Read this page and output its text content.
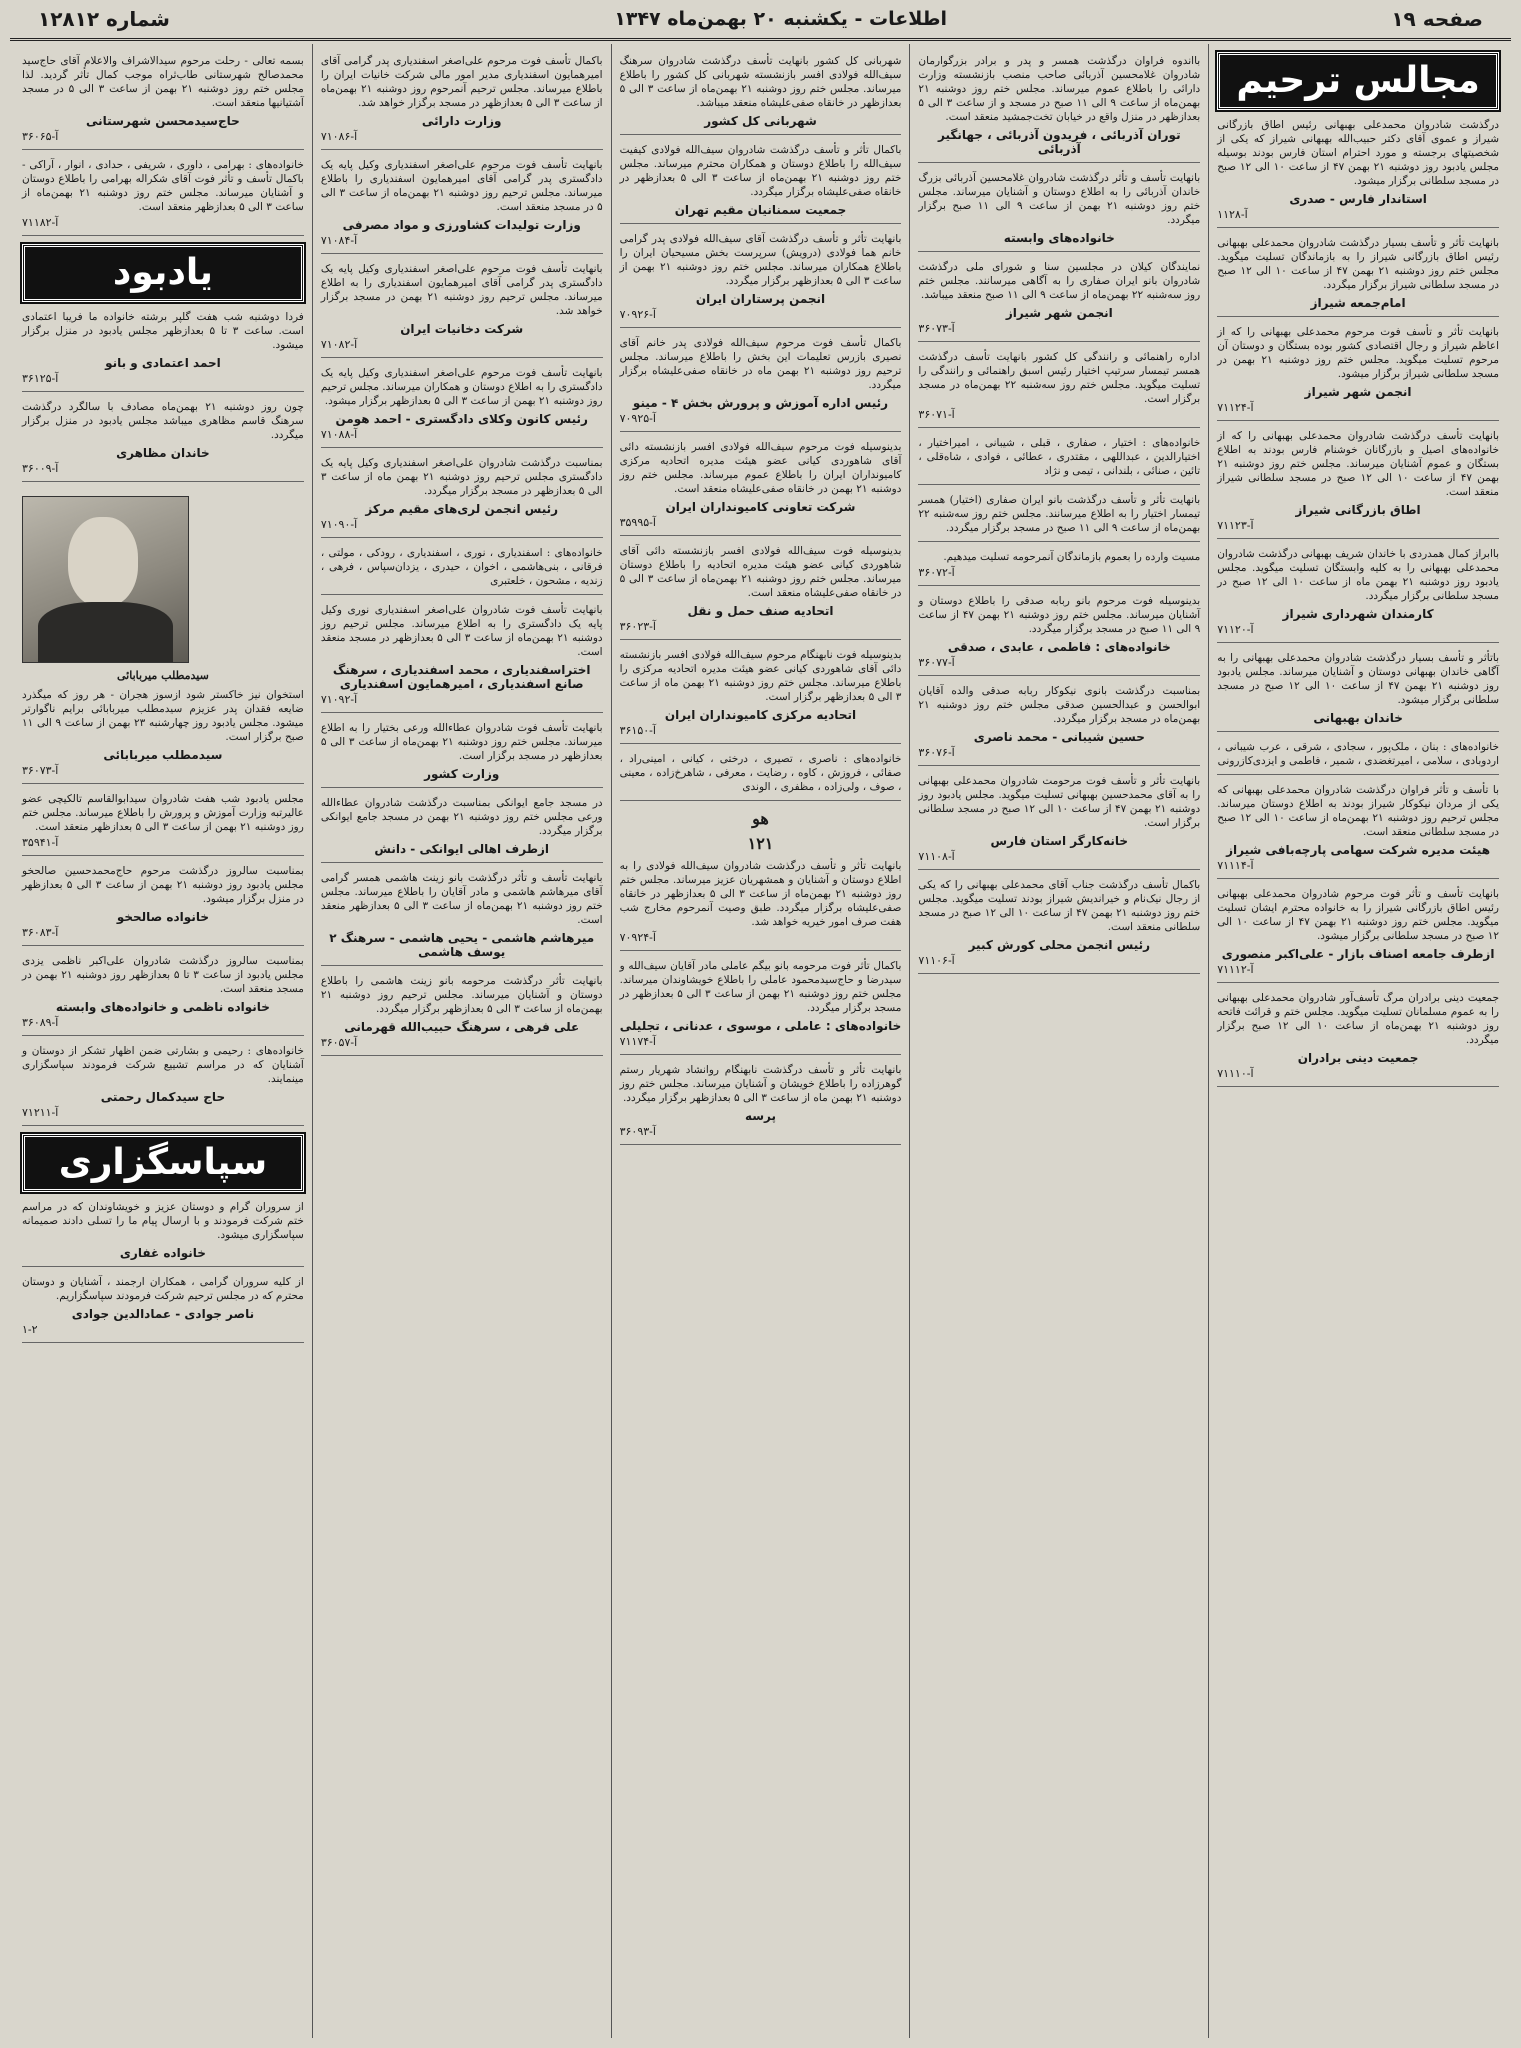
صفحه ۱۹
اطلاعات - یکشنبه ۲۰ بهمن‌ماه ۱۳۴۷
شماره ۱۲۸۱۲
مجالس ترحیم
درگذشت شادروان محمدعلی بهبهانی رئیس اطاق بازرگانی شیراز و عموی آقای دکتر حبیب‌الله بهبهانی شیراز که یکی از شخصیتهای برجسته و مورد احترام استان فارس بودند بوسیله مجلس یادبود روز دوشنبه ۲۱ بهمن ۴۷ از ساعت ۱۰ الی ۱۲ صبح در مسجد سلطانی برگزار میشود.
استاندار فارس - صدری
۱۱۲۸-آ
بانهایت تأثر و تأسف بسیار درگذشت شادروان محمدعلی بهبهانی رئیس اطاق بازرگانی شیراز را به بازماندگان تسلیت میگوید. مجلس ختم روز دوشنبه ۲۱ بهمن ۴۷ از ساعت ۱۰ الی ۱۲ صبح در مسجد سلطانی شیراز برگزار میگردد.
امام‌جمعه شیراز
بانهایت تأثر و تأسف فوت مرحوم محمدعلی بهبهانی را که از اعاظم شیراز و رجال اقتصادی کشور بوده بستگان و دوستان آن مرحوم تسلیت میگوید. مجلس ختم روز دوشنبه ۲۱ بهمن در مسجد سلطانی شیراز برگزار میشود.
انجمن شهر شیراز
۷۱۱۲۴-آ
بانهایت تأسف درگذشت شادروان محمدعلی بهبهانی را که از خانواده‌های اصیل و بازرگانان خوشنام فارس بودند به اطلاع بستگان و عموم آشنایان میرساند. مجلس ختم روز دوشنبه ۲۱ بهمن ۴۷ از ساعت ۱۰ الی ۱۲ صبح در مسجد سلطانی شیراز منعقد است.
اطاق بازرگانی شیراز
۷۱۱۲۳-آ
باابراز کمال همدردی با خاندان شریف بهبهانی درگذشت شادروان محمدعلی بهبهانی را به کلیه وابستگان تسلیت میگوید. مجلس یادبود روز دوشنبه ۲۱ بهمن ماه از ساعت ۱۰ الی ۱۲ صبح در مسجد سلطانی برگزار میگردد.
کارمندان شهرداری شیراز
۷۱۱۲۰-آ
باتأثر و تأسف بسیار درگذشت شادروان محمدعلی بهبهانی را به آگاهی خاندان بهبهانی دوستان و آشنایان میرساند. مجلس یادبود روز دوشنبه ۲۱ بهمن ۴۷ از ساعت ۱۰ الی ۱۲ صبح در مسجد سلطانی برگزار میشود.
خاندان بهبهانی
خانواده‌های : بنان ، ملک‌پور ، سجادی ، شرقی ، عرب شیبانی ، اردوبادی ، سلامی ، امیرتغضدی ، شمیر ، فاطمی و ایزدی‌کازرونی
با تأسف و تأثر فراوان درگذشت شادروان محمدعلی بهبهانی که یکی از مردان نیکوکار شیراز بودند به اطلاع دوستان میرساند. مجلس ترحیم روز دوشنبه ۲۱ بهمن‌ماه از ساعت ۱۰ الی ۱۲ صبح در مسجد سلطانی منعقد است.
هیئت مدیره شرکت سهامی پارچه‌بافی شیراز
۷۱۱۱۴-آ
بانهایت تأسف و تأثر فوت مرحوم شادروان محمدعلی بهبهانی رئیس اطاق بازرگانی شیراز را به خانواده محترم ایشان تسلیت میگوید. مجلس ختم روز دوشنبه ۲۱ بهمن ۴۷ از ساعت ۱۰ الی ۱۲ صبح در مسجد سلطانی برگزار میشود.
ازطرف جامعه اصناف بازار - علی‌اکبر منصوری
۷۱۱۱۲-آ
جمعیت دینی برادران مرگ تأسف‌آور شادروان محمدعلی بهبهانی را به عموم مسلمانان تسلیت میگوید. مجلس ختم و قرائت فاتحه روز دوشنبه ۲۱ بهمن‌ماه از ساعت ۱۰ الی ۱۲ صبح برگزار میگردد.
جمعیت دینی برادران
۷۱۱۱۰-آ
بااندوه فراوان درگذشت همسر و پدر و برادر بزرگوارمان شادروان غلامحسین آذربائی صاحب منصب بازنشسته وزارت دارائی را باطلاع عموم میرساند. مجلس ختم روز دوشنبه ۲۱ بهمن‌ماه از ساعت ۹ الی ۱۱ صبح در مسجد و از ساعت ۳ الی ۵ بعدازظهر در منزل واقع در خیابان تخت‌جمشید منعقد است.
توران آذربائی ، فریدون آذربائی ، جهانگیر آذربائی
بانهایت تأسف و تأثر درگذشت شادروان غلامحسین آذربائی بزرگ خاندان آذربائی را به اطلاع دوستان و آشنایان میرساند. مجلس ختم روز دوشنبه ۲۱ بهمن از ساعت ۹ الی ۱۱ صبح برگزار میگردد.
خانواده‌های وابسته
نمایندگان کیلان در مجلسین سنا و شورای ملی درگذشت شادروان بانو ایران صفاری را به آگاهی میرسانند. مجلس ختم روز سه‌شنبه ۲۲ بهمن‌ماه از ساعت ۹ الی ۱۱ صبح منعقد میباشد.
انجمن شهر شیراز
۳۶۰۷۳-آ
اداره راهنمائی و رانندگی کل کشور بانهایت تأسف درگذشت همسر تیمسار سرتیپ اختیار رئیس اسبق راهنمائی و رانندگی را تسلیت میگوید. مجلس ختم روز سه‌شنبه ۲۲ بهمن‌ماه در مسجد برگزار است.
۳۶۰۷۱-آ
خانواده‌های : اختیار ، صفاری ، قبلی ، شیبانی ، امیراختیار ، اختیارالدین ، عبداللهی ، مقتدری ، عطائی ، فوادی ، شاه‌قلی ، تائین ، صنائی ، بلندانی ، تیمی و نژاد
بانهایت تأثر و تأسف درگذشت بانو ایران صفاری (اختیار) همسر تیمسار اختیار را به اطلاع میرسانند. مجلس ختم روز سه‌شنبه ۲۲ بهمن‌ماه از ساعت ۹ الی ۱۱ صبح در مسجد برگزار میگردد.
مسیت وارده را بعموم بازماندگان آنمرحومه تسلیت میدهیم.
۳۶۰۷۲-آ
بدینوسیله فوت مرحوم بانو ربابه صدقی را باطلاع دوستان و آشنایان میرساند. مجلس ختم روز دوشنبه ۲۱ بهمن ۴۷ از ساعت ۹ الی ۱۱ صبح در مسجد برگزار میگردد.
خانواده‌های : فاطمی ، عابدی ، صدقی
۳۶۰۷۷-آ
بمناسبت درگذشت بانوی نیکوکار ربابه صدقی والده آقایان ابوالحسن و عبدالحسین صدقی مجلس ختم روز دوشنبه ۲۱ بهمن‌ماه در مسجد برگزار میگردد.
حسین شیبانی - محمد ناصری
۳۶۰۷۶-آ
بانهایت تأثر و تأسف فوت مرحومت شادروان محمدعلی بهبهانی را به آقای محمدحسین بهبهانی تسلیت میگوید. مجلس یادبود روز دوشنبه ۲۱ بهمن ۴۷ از ساعت ۱۰ الی ۱۲ صبح در مسجد سلطانی برگزار است.
خانه‌کارگر استان فارس
۷۱۱۰۸-آ
باکمال تأسف درگذشت جناب آقای محمدعلی بهبهانی را که یکی از رجال نیک‌نام و خیراندیش شیراز بودند تسلیت میگوید. مجلس ختم روز دوشنبه ۲۱ بهمن ۴۷ از ساعت ۱۰ الی ۱۲ صبح در مسجد سلطانی منعقد است.
رئیس انجمن محلی کورش کبیر
۷۱۱۰۶-آ
شهربانی کل کشور بانهایت تأسف درگذشت شادروان سرهنگ سیف‌الله فولادی افسر بازنشسته شهربانی کل کشور را باطلاع میرساند. مجلس ختم روز دوشنبه ۲۱ بهمن‌ماه از ساعت ۳ الی ۵ بعدازظهر در خانقاه صفی‌علیشاه منعقد میباشد.
شهربانی کل کشور
باکمال تأثر و تأسف درگذشت شادروان سیف‌الله فولادی کیفیت سیف‌الله را باطلاع دوستان و همکاران محترم میرساند. مجلس ختم روز دوشنبه ۲۱ بهمن‌ماه از ساعت ۳ الی ۵ بعدازظهر در خانقاه صفی‌علیشاه برگزار میگردد.
جمعیت سمنانیان مقیم تهران
بانهایت تأثر و تأسف درگذشت آقای سیف‌الله فولادی پدر گرامی خانم هما فولادی (درویش) سرپرست بخش مسیحیان ایران را باطلاع همکاران میرساند. مجلس ختم روز دوشنبه ۲۱ بهمن از ساعت ۳ الی ۵ بعدازظهر برگزار میگردد.
انجمن پرستاران ایران
۷۰۹۲۶-آ
باکمال تأسف فوت مرحوم سیف‌الله فولادی پدر خانم آقای نصیری بازرس تعلیمات این بخش را باطلاع میرساند. مجلس ترحیم روز دوشنبه ۲۱ بهمن ماه در خانقاه صفی‌علیشاه برگزار میگردد.
رئیس اداره آموزش و پرورش بخش ۴ - مینو
۷۰۹۲۵-آ
بدینوسیله فوت مرحوم سیف‌الله فولادی افسر بازنشسته دائی آقای شاهوردی کیانی عضو هیئت مدیره اتحادیه مرکزی کامیونداران ایران را باطلاع عموم میرساند. مجلس ختم روز دوشنبه ۲۱ بهمن در خانقاه صفی‌علیشاه منعقد است.
شرکت تعاونی کامیونداران ایران
۳۵۹۹۵-آ
بدینوسیله فوت سیف‌الله فولادی افسر بازنشسته دائی آقای شاهوردی کیانی عضو هیئت مدیره اتحادیه را باطلاع دوستان میرساند. مجلس ختم روز دوشنبه ۲۱ بهمن‌ماه از ساعت ۳ الی ۵ در خانقاه صفی‌علیشاه منعقد است.
اتحادیه صنف حمل و نقل
۳۶۰۲۳-آ
بدینوسیله فوت نابهنگام مرحوم سیف‌الله فولادی افسر بازنشسته دائی آقای شاهوردی کیانی عضو هیئت مدیره اتحادیه مرکزی را باطلاع میرساند. مجلس ختم روز دوشنبه ۲۱ بهمن ماه از ساعت ۳ الی ۵ بعدازظهر برگزار است.
اتحادیه مرکزی کامیونداران ایران
۳۶۱۵۰-آ
خانواده‌های : ناصری ، تصیری ، درختی ، کیانی ، امینی‌راد ، صفائی ، فروزش ، کاوه ، رضایت ، معرفی ، شاهرخ‌زاده ، معینی ، صوف ، ولی‌زاده ، مظفری ، الوندی
هو
۱۲۱
بانهایت تأثر و تأسف درگذشت شادروان سیف‌الله فولادی را به اطلاع دوستان و آشنایان و همشهریان عزیز میرساند. مجلس ختم روز دوشنبه ۲۱ بهمن‌ماه از ساعت ۳ الی ۵ بعدازظهر در خانقاه صفی‌علیشاه برگزار میگردد. طبق وصیت آنمرحوم مخارج شب هفت صرف امور خیریه خواهد شد.
۷۰۹۲۴-آ
باکمال تأثر فوت مرحومه بانو بیگم عاملی مادر آقایان سیف‌الله و سیدرضا و حاج‌سیدمحمود عاملی را باطلاع خویشاوندان میرساند. مجلس ختم روز دوشنبه ۲۱ بهمن از ساعت ۳ الی ۵ بعدازظهر در مسجد برگزار میگردد.
خانواده‌های : عاملی ، موسوی ، عدنانی ، تجلیلی
۷۱۱۷۴-آ
بانهایت تأثر و تأسف درگذشت نابهنگام روانشاد شهریار رستم گوهرزاده را باطلاع خویشان و آشنایان میرساند. مجلس ختم روز دوشنبه ۲۱ بهمن ماه از ساعت ۳ الی ۵ بعدازظهر برگزار میگردد.
پرسه
۳۶۰۹۳-آ
باکمال تأسف فوت مرحوم علی‌اصغر اسفندیاری پدر گرامی آقای امیرهمایون اسفندیاری مدیر امور مالی شرکت خانیات ایران را باطلاع میرساند. مجلس ترحیم آنمرحوم روز دوشنبه ۲۱ بهمن‌ماه از ساعت ۳ الی ۵ بعدازظهر در مسجد برگزار خواهد شد.
وزارت دارائی
۷۱۰۸۶-آ
بانهایت تأسف فوت مرحوم علی‌اصغر اسفندیاری وکیل پایه یک دادگستری پدر گرامی آقای امیرهمایون اسفندیاری را باطلاع میرساند. مجلس ترحیم روز دوشنبه ۲۱ بهمن‌ماه از ساعت ۳ الی ۵ در مسجد منعقد است.
وزارت تولیدات کشاورزی و مواد مصرفی
۷۱۰۸۴-آ
بانهایت تأسف فوت مرحوم علی‌اصغر اسفندیاری وکیل پایه یک دادگستری پدر گرامی آقای امیرهمایون اسفندیاری را به اطلاع میرساند. مجلس ترحیم روز دوشنبه ۲۱ بهمن در مسجد برگزار خواهد شد.
شرکت دخانیات ایران
۷۱۰۸۲-آ
بانهایت تأسف فوت مرحوم علی‌اصغر اسفندیاری وکیل پایه یک دادگستری را به اطلاع دوستان و همکاران میرساند. مجلس ترحیم روز دوشنبه ۲۱ بهمن از ساعت ۳ الی ۵ بعدازظهر برگزار میشود.
رئیس کانون وکلای دادگستری - احمد هومن
۷۱۰۸۸-آ
بمناسبت درگذشت شادروان علی‌اصغر اسفندیاری وکیل پایه یک دادگستری مجلس ترحیم روز دوشنبه ۲۱ بهمن ماه از ساعت ۳ الی ۵ بعدازظهر در مسجد برگزار میگردد.
رئیس انجمن لری‌های مقیم مرکز
۷۱۰۹۰-آ
خانواده‌های : اسفندیاری ، نوری ، اسفندیاری ، رودکی ، مولتی ، فرقانی ، بنی‌هاشمی ، اخوان ، حیدری ، یزدان‌سپاس ، فرهی ، زندیه ، مشحون ، خلعتبری
بانهایت تأسف فوت شادروان علی‌اصغر اسفندیاری نوری وکیل پایه یک دادگستری را به اطلاع میرساند. مجلس ترحیم روز دوشنبه ۲۱ بهمن‌ماه از ساعت ۳ الی ۵ بعدازظهر در مسجد منعقد است.
اختراسفندیاری ، محمد اسفندیاری ، سرهنگ صانع اسفندیاری ، امیرهمایون اسفندیاری
۷۱۰۹۲-آ
بانهایت تأسف فوت شادروان عطاءالله ورعی بختیار را به اطلاع میرساند. مجلس ختم روز دوشنبه ۲۱ بهمن‌ماه از ساعت ۳ الی ۵ بعدازظهر در مسجد برگزار است.
وزارت کشور
در مسجد جامع ایوانکی بمناسبت درگذشت شادروان عطاءالله ورعی مجلس ختم روز دوشنبه ۲۱ بهمن در مسجد جامع ایوانکی برگزار میگردد.
ازطرف اهالی ایوانکی - دانش
بانهایت تأسف و تأثر درگذشت بانو زینت هاشمی همسر گرامی آقای میرهاشم هاشمی و مادر آقایان را باطلاع میرساند. مجلس ختم روز دوشنبه ۲۱ بهمن‌ماه از ساعت ۳ الی ۵ بعدازظهر منعقد است.
میرهاشم هاشمی - یحیی هاشمی - سرهنگ ۲ یوسف هاشمی
بانهایت تأثر درگذشت مرحومه بانو زینت هاشمی را باطلاع دوستان و آشنایان میرساند. مجلس ترحیم روز دوشنبه ۲۱ بهمن‌ماه از ساعت ۳ الی ۵ بعدازظهر برگزار میگردد.
علی فرهی ، سرهنگ حبیب‌الله قهرمانی
۳۶۰۵۷-آ
بسمه تعالی - رحلت مرحوم سیدالاشراف والاعلام آقای حاج‌سید محمدصالح شهرستانی طاب‌ثراه موجب کمال تأثر گردید. لذا مجلس ختم روز دوشنبه ۲۱ بهمن از ساعت ۳ الی ۵ در مسجد آشتیانیها منعقد است.
حاج‌سیدمحسن شهرستانی
۳۶۰۶۵-آ
خانواده‌های : بهرامی ، داوری ، شریفی ، حدادی ، انوار ، آراکی - باکمال تأسف و تأثر فوت آقای شکراله بهرامی را باطلاع دوستان و آشنایان میرساند. مجلس ختم روز دوشنبه ۲۱ بهمن‌ماه از ساعت ۳ الی ۵ بعدازظهر منعقد است.
۷۱۱۸۲-آ
یادبود
فردا دوشنبه شب هفت گلپر برشته خانواده ما فریبا اعتمادی است. ساعت ۳ تا ۵ بعدازظهر مجلس یادبود در منزل برگزار میشود.
احمد اعتمادی و بانو
۳۶۱۲۵-آ
چون روز دوشنبه ۲۱ بهمن‌ماه مصادف با سالگرد درگذشت سرهنگ قاسم مظاهری میباشد مجلس یادبود در منزل برگزار میگردد.
خاندان مظاهری
۳۶۰۰۹-آ
سیدمطلب میربابائی
استخوان نیز خاکستر شود ازسوز هجران - هر روز که میگذرد ضایعه فقدان پدر عزیزم سیدمطلب میربابائی برایم ناگوارتر میشود. مجلس یادبود روز چهارشنبه ۲۳ بهمن از ساعت ۹ الی ۱۱ صبح برگزار است.
سیدمطلب میربابائی
۳۶۰۷۳-آ
مجلس یادبود شب هفت شادروان سیدابوالقاسم تالکیچی عضو عالیرتبه وزارت آموزش و پرورش را باطلاع میرساند. مجلس ختم روز دوشنبه ۲۱ بهمن از ساعت ۳ الی ۵ بعدازظهر منعقد است.
۳۵۹۴۱-آ
بمناسبت سالروز درگذشت مرحوم حاج‌محمدحسین صالحخو مجلس یادبود روز دوشنبه ۲۱ بهمن از ساعت ۳ الی ۵ بعدازظهر در منزل برگزار میشود.
خانواده صالحخو
۳۶۰۸۳-آ
بمناسبت سالروز درگذشت شادروان علی‌اکبر ناظمی یزدی مجلس یادبود از ساعت ۳ تا ۵ بعدازظهر روز دوشنبه ۲۱ بهمن در مسجد منعقد است.
خانواده ناظمی و خانواده‌های وابسته
۳۶۰۸۹-آ
خانواده‌های : رحیمی و بشارتی ضمن اظهار تشکر از دوستان و آشنایان که در مراسم تشییع شرکت فرمودند سپاسگزاری مینمایند.
حاج سیدکمال رحمتی
۷۱۲۱۱-آ
سپاسگزاری
از سروران گرام و دوستان عزیز و خویشاوندان که در مراسم ختم شرکت فرمودند و با ارسال پیام ما را تسلی دادند صمیمانه سپاسگزاری میشود.
خانواده غفاری
از کلیه سروران گرامی ، همکاران ارجمند ، آشنایان و دوستان محترم که در مجلس ترحیم شرکت فرمودند سپاسگزاریم.
ناصر جوادی - عمادالدین جوادی
۱-۲
